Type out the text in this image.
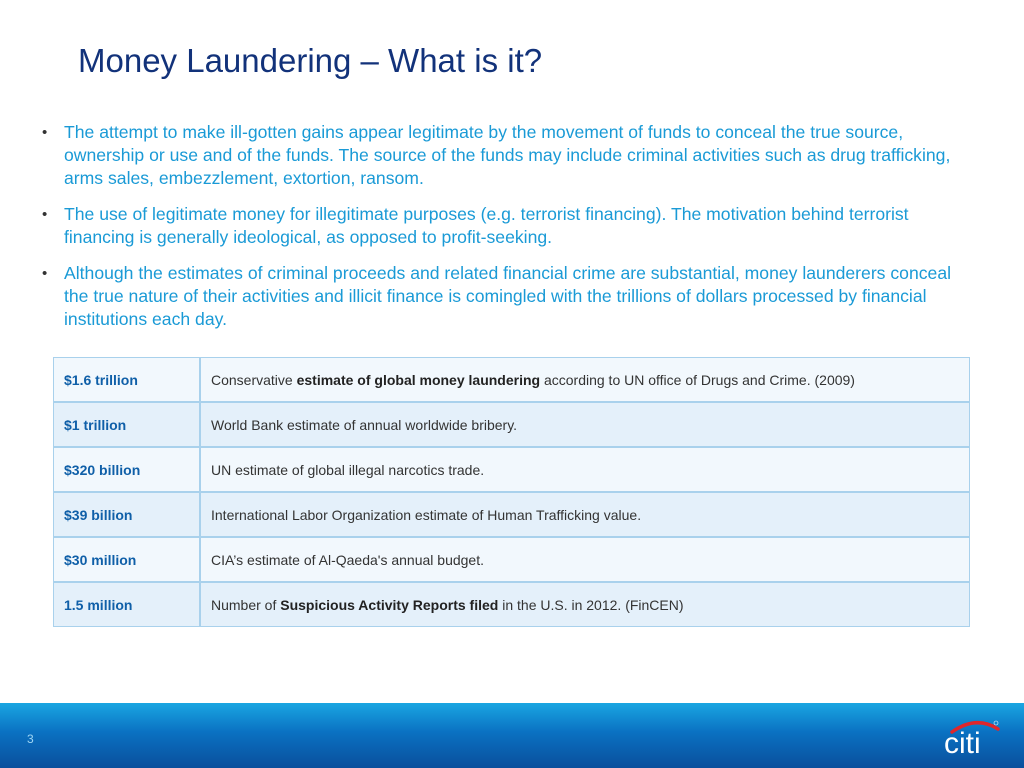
Money Laundering – What is it?
• The attempt to make ill-gotten gains appear legitimate by the movement of funds to conceal the true source, ownership or use and of the funds. The source of the funds may include criminal activities such as drug trafficking, arms sales, embezzlement, extortion, ransom.
• The use of legitimate money for illegitimate purposes (e.g. terrorist financing). The motivation behind terrorist financing is generally ideological, as opposed to profit-seeking.
• Although the estimates of criminal proceeds and related financial crime are substantial, money launderers conceal the true nature of their activities and illicit finance is comingled with the trillions of dollars processed by financial institutions each day.
$1.6 trillion	Conservative estimate of global money laundering according to UN office of Drugs and Crime. (2009)
$1 trillion	World Bank estimate of annual worldwide bribery.
$320 billion	UN estimate of global illegal narcotics trade.
$39 billion	International Labor Organization estimate of Human Trafficking value.
$30 million	CIA’s estimate of Al-Qaeda's annual budget.
1.5 million	Number of Suspicious Activity Reports filed in the U.S. in 2012. (FinCEN)
3	citi
